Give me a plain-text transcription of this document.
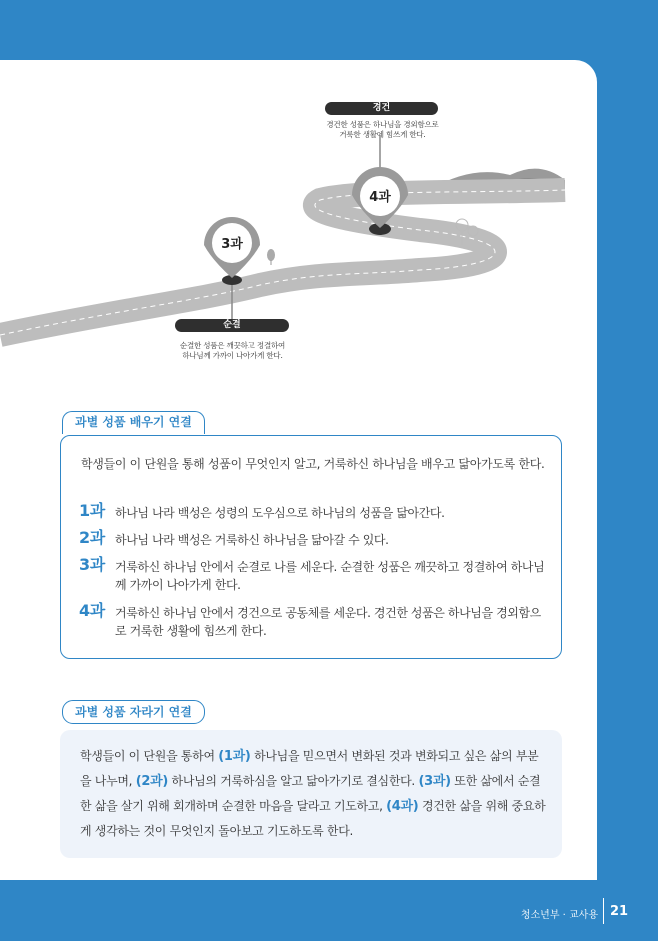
4과
3과
경건
경건한 성품은 하나님을 경외함으로
거룩한 생활에 힘쓰게 한다.
순결
순결한 성품은 깨끗하고 정결하여
하나님께 가까이 나아가게 한다.
과별 성품 배우기 연결
학생들이 이 단원을 통해 성품이 무엇인지 알고, 거룩하신 하나님을 배우고 닮아가도록 한다.
1과 하나님 나라 백성은 성령의 도우심으로 하나님의 성품을 닮아간다.
2과 하나님 나라 백성은 거룩하신 하나님을 닮아갈 수 있다.
3과 거룩하신 하나님 안에서 순결로 나를 세운다. 순결한 성품은 깨끗하고 정결하여 하나님께 가까이 나아가게 한다.
4과 거룩하신 하나님 안에서 경건으로 공동체를 세운다. 경건한 성품은 하나님을 경외함으로 거룩한 생활에 힘쓰게 한다.
과별 성품 자라기 연결
학생들이 이 단원을 통하여 (1과) 하나님을 믿으면서 변화된 것과 변화되고 싶은 삶의 부분을 나누며, (2과) 하나님의 거룩하심을 알고 닮아가기로 결심한다. (3과) 또한 삶에서 순결한 삶을 살기 위해 회개하며 순결한 마음을 달라고 기도하고, (4과) 경건한 삶을 위해 중요하게 생각하는 것이 무엇인지 돌아보고 기도하도록 한다.
청소년부 · 교사용 21
